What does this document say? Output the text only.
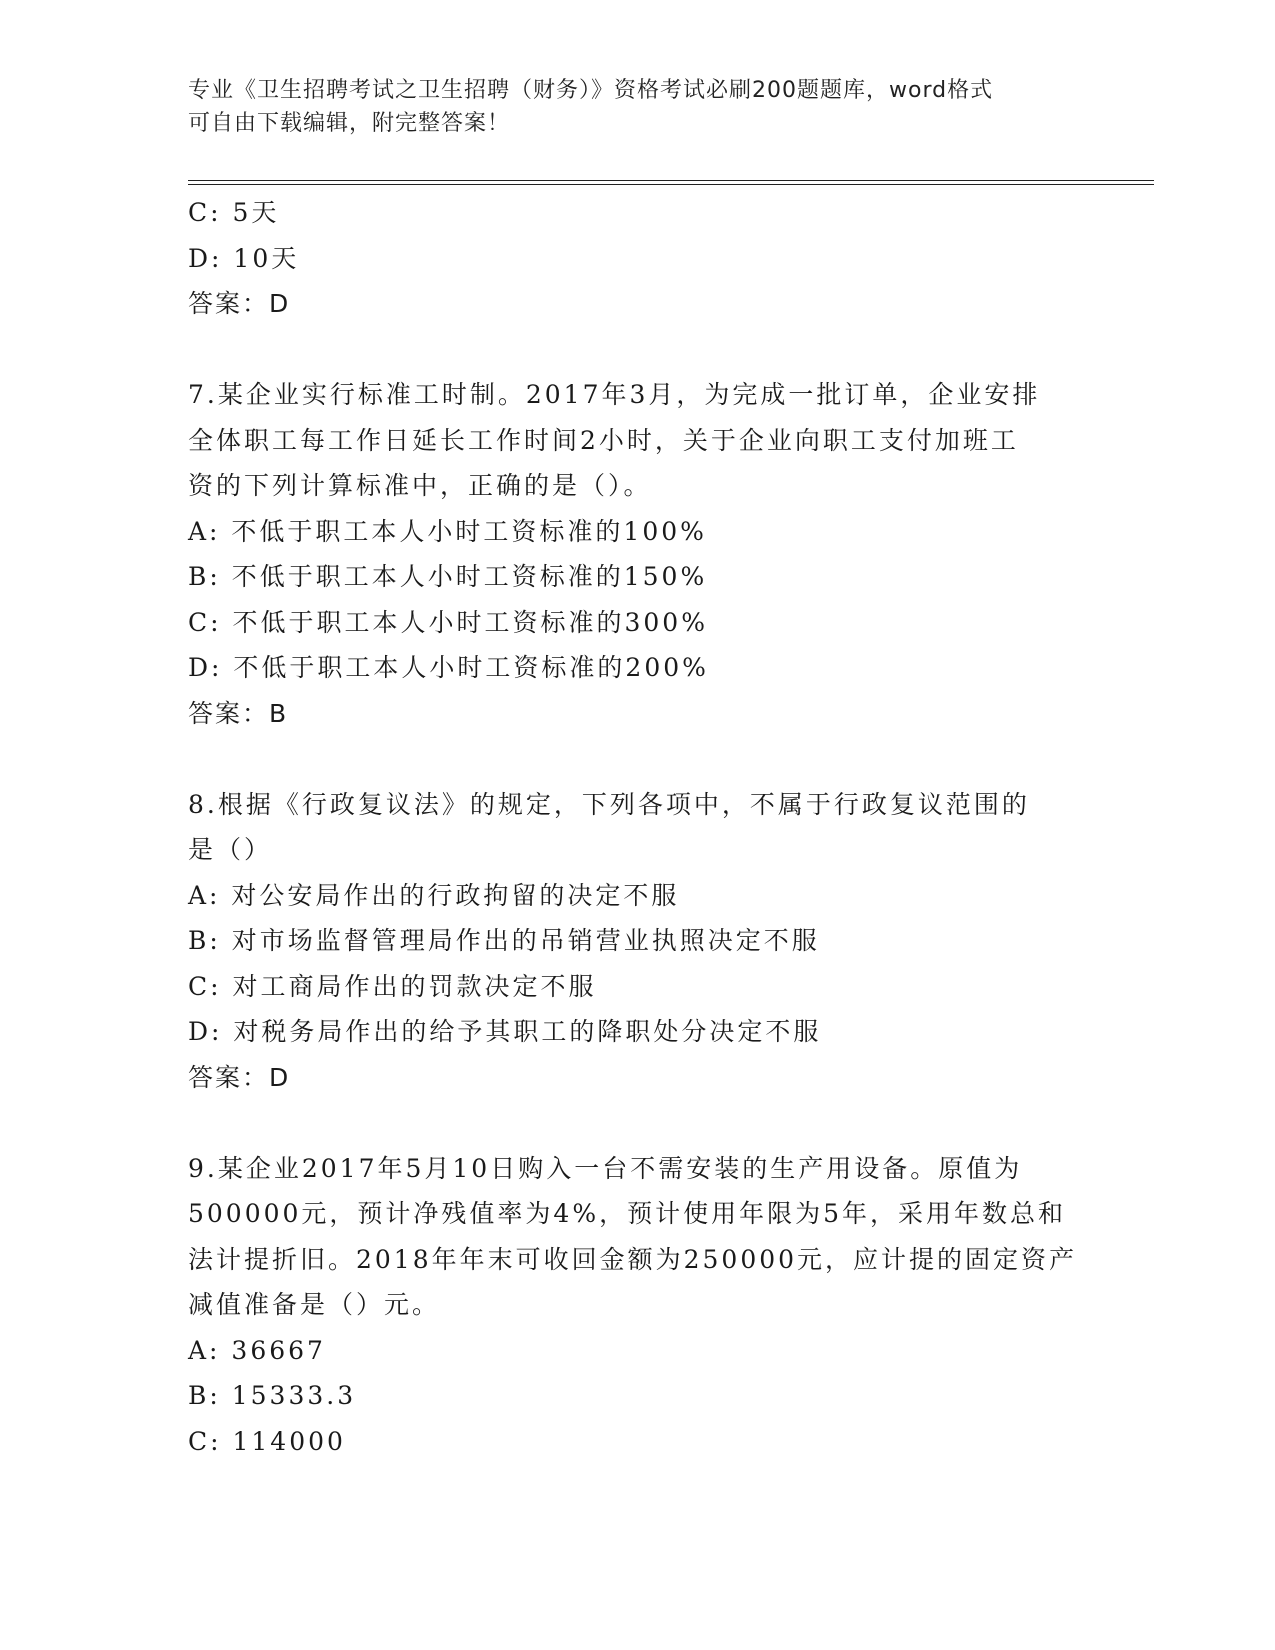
专业《卫生招聘考试之卫生招聘（财务）》资格考试必刷200题题库，word格式
可自由下载编辑，附完整答案！
C: 5天
D: 10天
答案：D
7.某企业实行标准工时制。2017年3月，为完成一批订单，企业安排
全体职工每工作日延长工作时间2小时，关于企业向职工支付加班工
资的下列计算标准中，正确的是（）。
A: 不低于职工本人小时工资标准的100%
B: 不低于职工本人小时工资标准的150%
C: 不低于职工本人小时工资标准的300%
D: 不低于职工本人小时工资标准的200%
答案：B
8.根据《行政复议法》的规定，下列各项中，不属于行政复议范围的
是（）
A: 对公安局作出的行政拘留的决定不服
B: 对市场监督管理局作出的吊销营业执照决定不服
C: 对工商局作出的罚款决定不服
D: 对税务局作出的给予其职工的降职处分决定不服
答案：D
9.某企业2017年5月10日购入一台不需安装的生产用设备。原值为
500000元，预计净残值率为4%，预计使用年限为5年，采用年数总和
法计提折旧。2018年年末可收回金额为250000元，应计提的固定资产
减值准备是（）元。
A: 36667
B: 15333.3
C: 114000
